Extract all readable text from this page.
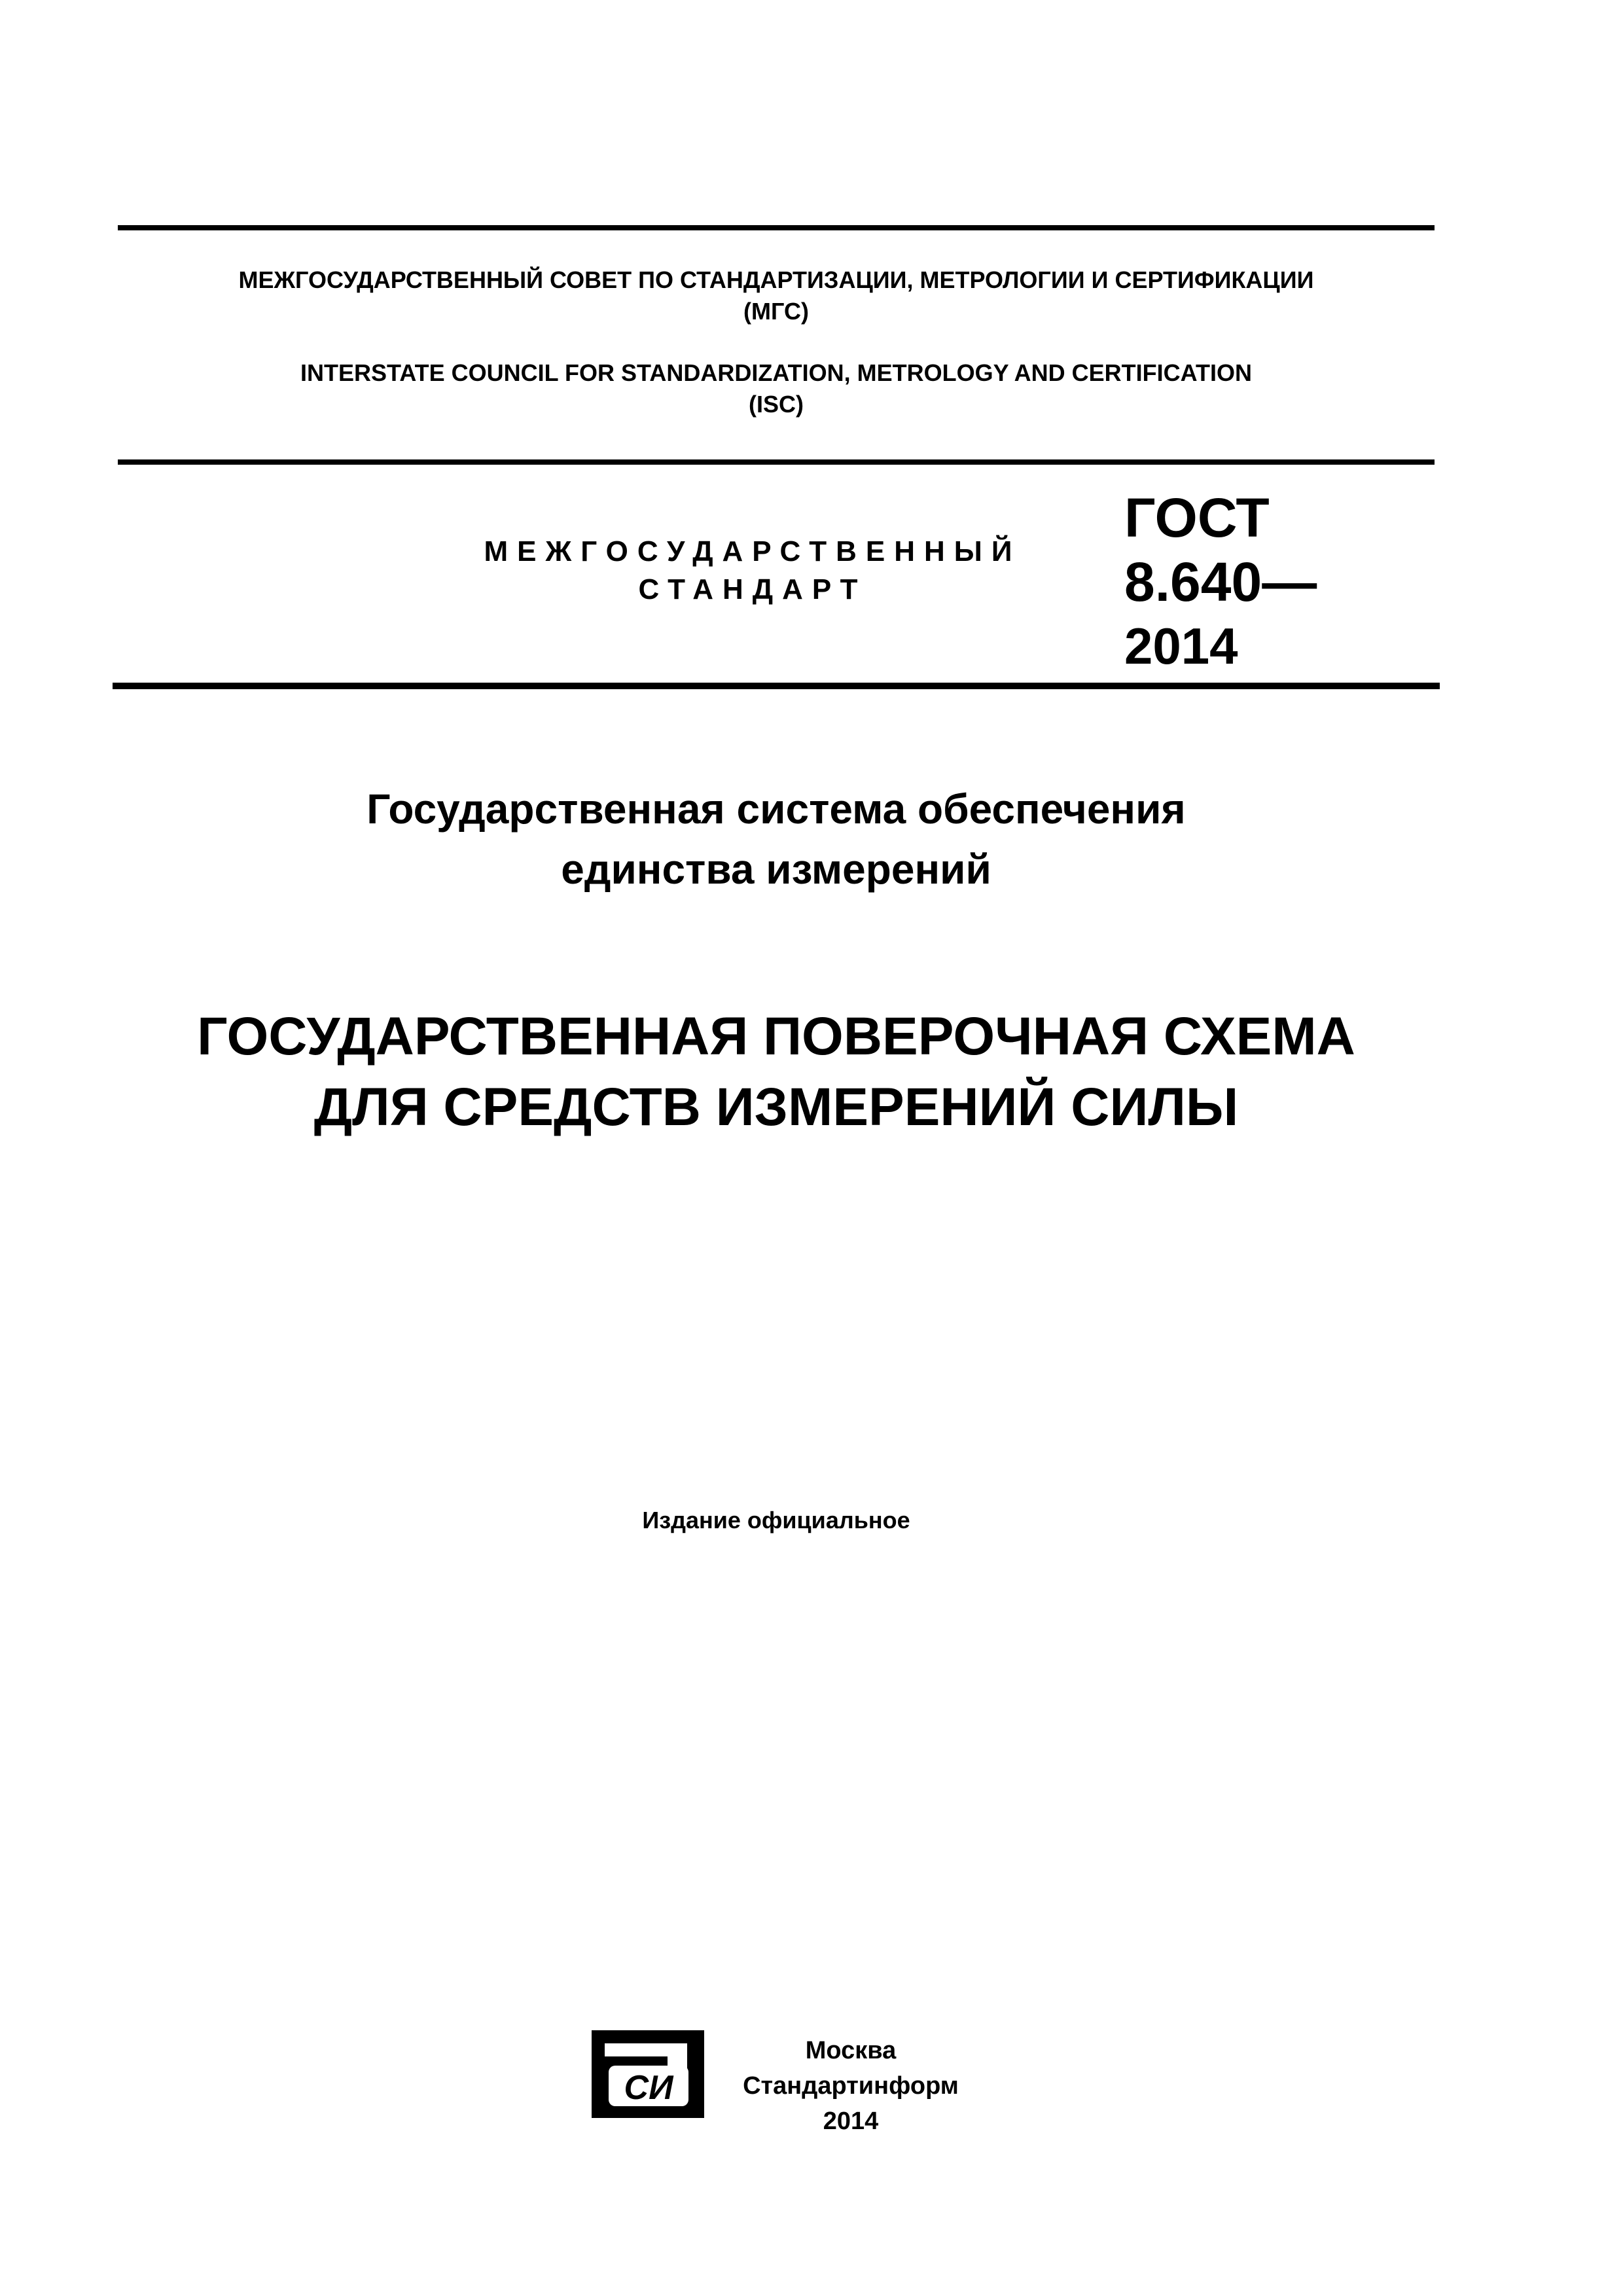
МЕЖГОСУДАРСТВЕННЫЙ СОВЕТ ПО СТАНДАРТИЗАЦИИ, МЕТРОЛОГИИ И СЕРТИФИКАЦИИ
(МГС)
INTERSTATE COUNCIL FOR STANDARDIZATION, METROLOGY AND CERTIFICATION
(ISC)
МЕЖГОСУДАРСТВЕННЫЙ
СТАНДАРТ
ГОСТ
8.640—
2014
Государственная система обеспечения
единства измерений
ГОСУДАРСТВЕННАЯ ПОВЕРОЧНАЯ СХЕМА
ДЛЯ СРЕДСТВ ИЗМЕРЕНИЙ СИЛЫ
Издание официальное
СИ
Москва
Стандартинформ
2014
